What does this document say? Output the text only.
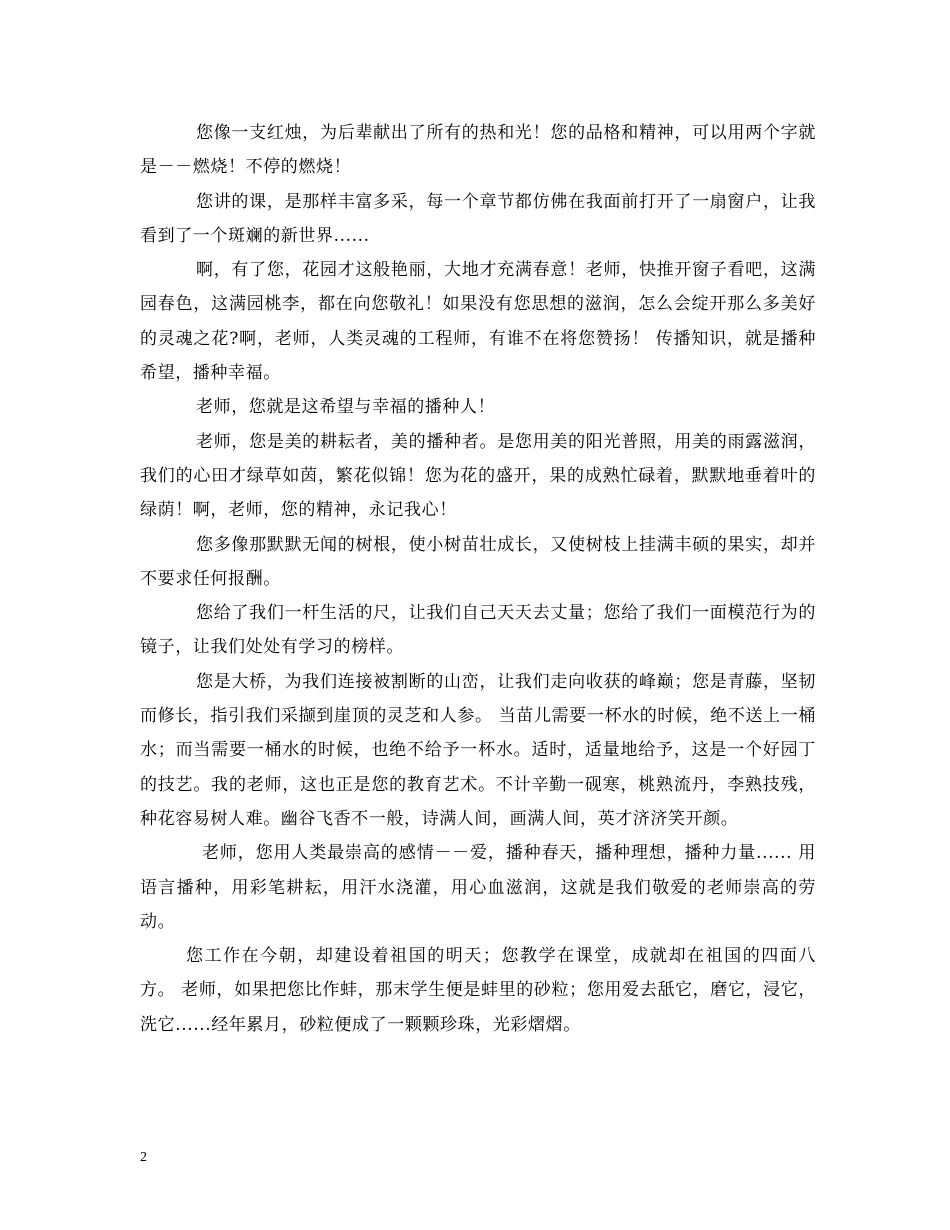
您像一支红烛，为后辈献出了所有的热和光！您的品格和精神，可以用两个字就是－－燃烧！不停的燃烧！

您讲的课，是那样丰富多采，每一个章节都仿佛在我面前打开了一扇窗户，让我看到了一个斑斓的新世界......

啊，有了您，花园才这般艳丽，大地才充满春意！老师，快推开窗子看吧，这满园春色，这满园桃李，都在向您敬礼！如果没有您思想的滋润，怎么会绽开那么多美好的灵魂之花?啊，老师，人类灵魂的工程师，有谁不在将您赞扬！ 传播知识，就是播种希望，播种幸福。

老师，您就是这希望与幸福的播种人！

老师，您是美的耕耘者，美的播种者。是您用美的阳光普照，用美的雨露滋润，我们的心田才绿草如茵，繁花似锦！您为花的盛开，果的成熟忙碌着，默默地垂着叶的绿荫！啊，老师，您的精神，永记我心！

您多像那默默无闻的树根，使小树苗壮成长，又使树枝上挂满丰硕的果实，却并不要求任何报酬。

您给了我们一杆生活的尺，让我们自己天天去丈量；您给了我们一面模范行为的镜子，让我们处处有学习的榜样。

您是大桥，为我们连接被割断的山峦，让我们走向收获的峰巅；您是青藤，坚韧而修长，指引我们采撷到崖顶的灵芝和人参。 当苗儿需要一杯水的时候，绝不送上一桶水；而当需要一桶水的时候，也绝不给予一杯水。适时，适量地给予，这是一个好园丁的技艺。我的老师，这也正是您的教育艺术。不计辛勤一砚寒，桃熟流丹，李熟技残，种花容易树人难。幽谷飞香不一般，诗满人间，画满人间，英才济济笑开颜。

老师，您用人类最崇高的感情－－爱，播种春天，播种理想，播种力量...... 用语言播种，用彩笔耕耘，用汗水浇灌，用心血滋润，这就是我们敬爱的老师崇高的劳动。

您工作在今朝，却建设着祖国的明天；您教学在课堂，成就却在祖国的四面八方。 老师，如果把您比作蚌，那末学生便是蚌里的砂粒；您用爱去舐它，磨它，浸它，洗它......经年累月，砂粒便成了一颗颗珍珠，光彩熠熠。

2
